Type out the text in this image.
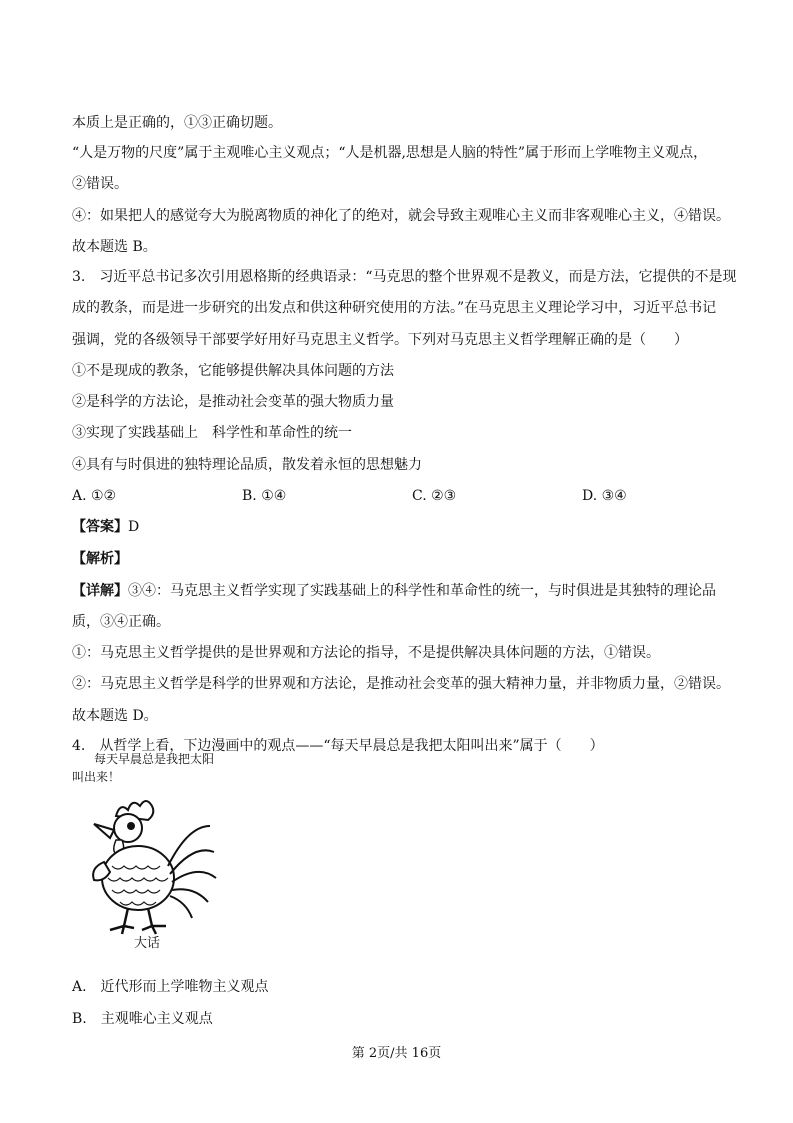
本质上是正确的，①③正确切题。
“人是万物的尺度”属于主观唯心主义观点；“人是机器,思想是人脑的特性”属于形而上学唯物主义观点，
②错误。
④：如果把人的感觉夸大为脱离物质的神化了的绝对，就会导致主观唯心主义而非客观唯心主义，④错误。
故本题选 B。
3.　习近平总书记多次引用恩格斯的经典语录：“马克思的整个世界观不是教义，而是方法，它提供的不是现
成的教条，而是进一步研究的出发点和供这种研究使用的方法。”在马克思主义理论学习中，习近平总书记
强调，党的各级领导干部要学好用好马克思主义哲学。下列对马克思主义哲学理解正确的是（　　）
①不是现成的教条，它能够提供解决具体问题的方法
②是科学的方法论，是推动社会变革的强大物质力量
③实现了实践基础上　科学性和革命性的统一
④具有与时俱进的独特理论品质，散发着永恒的思想魅力
A. ①②	B. ①④	C. ②③	D. ③④
【答案】D
【解析】
【详解】③④：马克思主义哲学实现了实践基础上的科学性和革命性的统一，与时俱进是其独特的理论品
质，③④正确。
①：马克思主义哲学提供的是世界观和方法论的指导，不是提供解决具体问题的方法，①错误。
②：马克思主义哲学是科学的世界观和方法论，是推动社会变革的强大精神力量，并非物质力量，②错误。
故本题选 D。
4.　从哲学上看，下边漫画中的观点——“每天早晨总是我把太阳叫出来”属于（　　）
每天早晨总是我把太阳
叫出来！
大话
A.　近代形而上学唯物主义观点
B.　主观唯心主义观点
第 2页/共 16页
